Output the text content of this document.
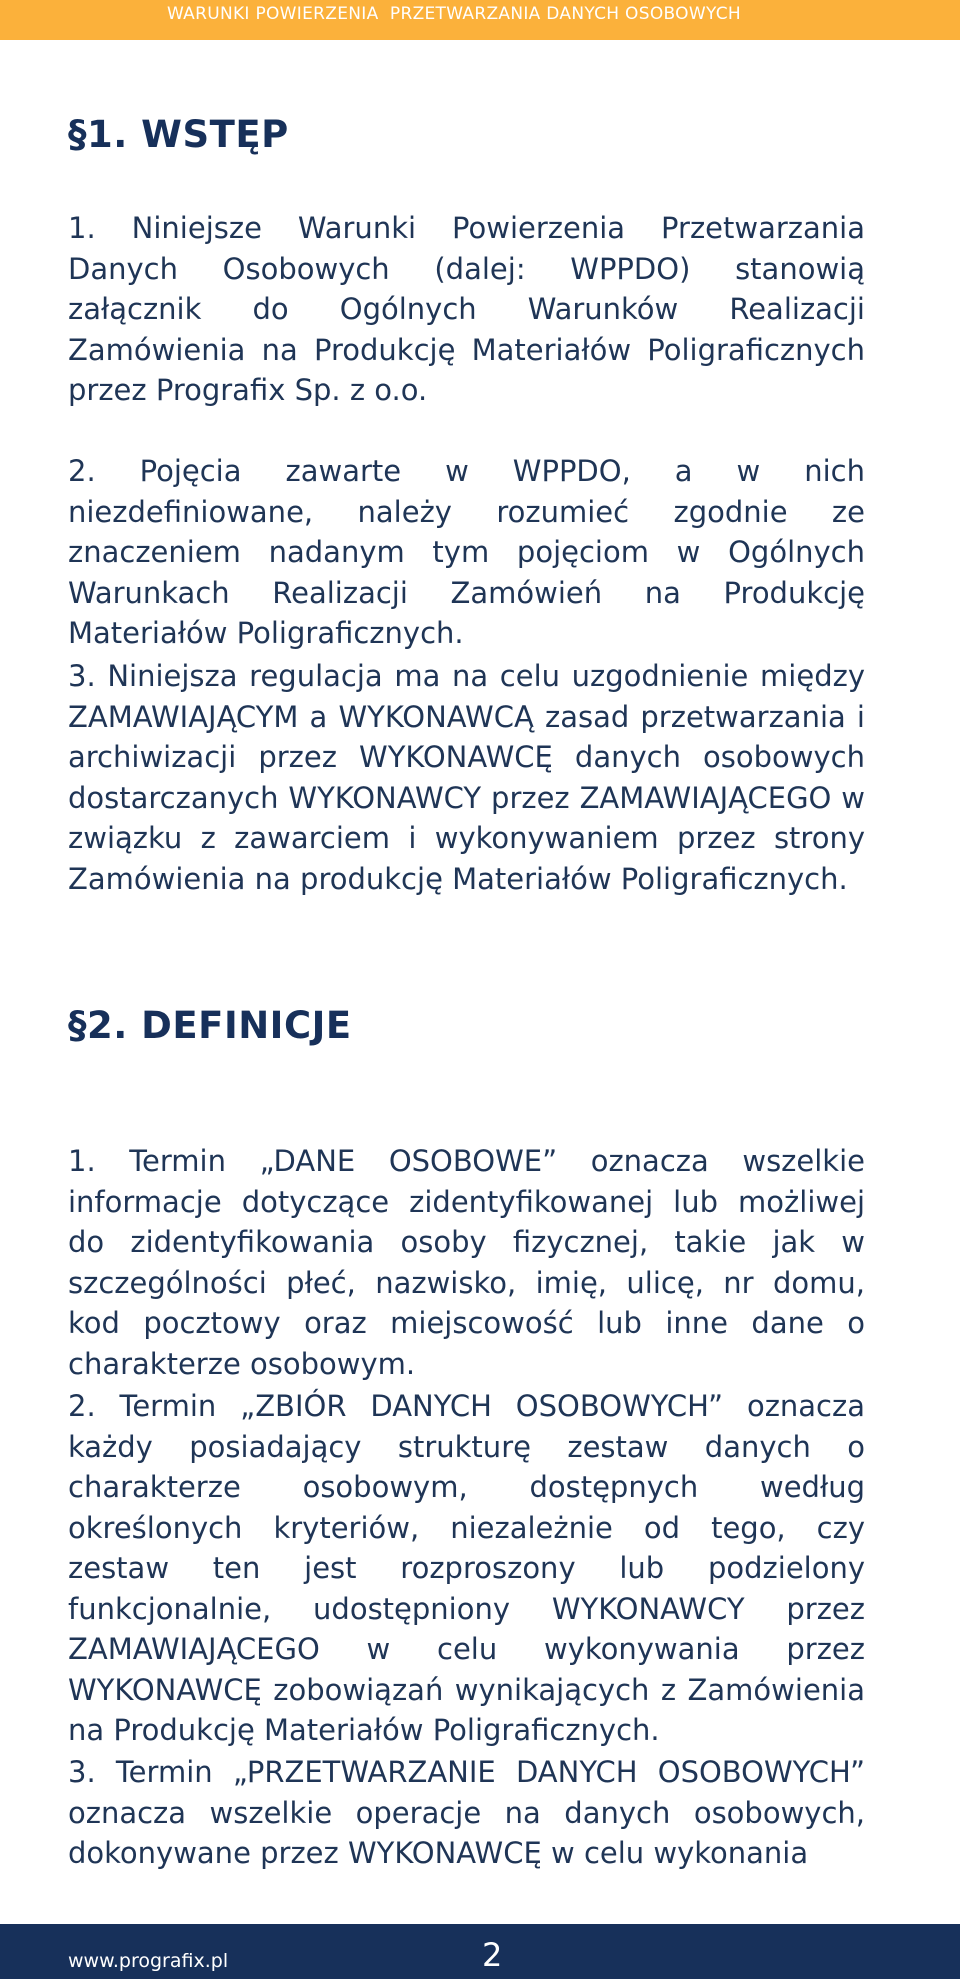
WARUNKI POWIERZENIA  PRZETWARZANIA DANYCH OSOBOWYCH
§1. WSTĘP

1. Niniejsze Warunki Powierzenia Przetwarzania Danych Osobowych (dalej: WPPDO) stanowią załącznik do Ogólnych Warunków Realizacji Zamówienia na Produkcję Materiałów Poligraficznych przez Prografix Sp. z o.o.

2. Pojęcia zawarte w WPPDO, a w nich niezdefiniowane, należy rozumieć zgodnie ze znaczeniem nadanym tym pojęciom w Ogólnych Warunkach Realizacji Zamówień na Produkcję Materiałów Poligraficznych.

3. Niniejsza regulacja ma na celu uzgodnienie między ZAMAWIAJĄCYM a WYKONAWCĄ zasad przetwarzania i archiwizacji przez WYKONAWCĘ danych osobowych dostarczanych WYKONAWCY przez ZAMAWIAJĄCEGO w związku z zawarciem i wykonywaniem przez strony Zamówienia na produkcję Materiałów Poligraficznych.

§2. DEFINICJE

1. Termin „DANE OSOBOWE” oznacza wszelkie informacje dotyczące zidentyfikowanej lub możliwej do zidentyfikowania osoby fizycznej, takie jak w szczególności płeć, nazwisko, imię, ulicę, nr domu, kod pocztowy oraz miejscowość lub inne dane o charakterze osobowym.

2. Termin „ZBIÓR DANYCH OSOBOWYCH” oznacza każdy posiadający strukturę zestaw danych o charakterze osobowym, dostępnych według określonych kryteriów, niezależnie od tego, czy zestaw ten jest rozproszony lub podzielony funkcjonalnie, udostępniony WYKONAWCY przez ZAMAWIAJĄCEGO w celu wykonywania przez WYKONAWCĘ zobowiązań wynikających z Zamówienia na Produkcję Materiałów Poligraficznych.

3. Termin „PRZETWARZANIE DANYCH OSOBOWYCH” oznacza wszelkie operacje na danych osobowych, dokonywane przez WYKONAWCĘ w celu wykonania

www.prografix.pl	2
